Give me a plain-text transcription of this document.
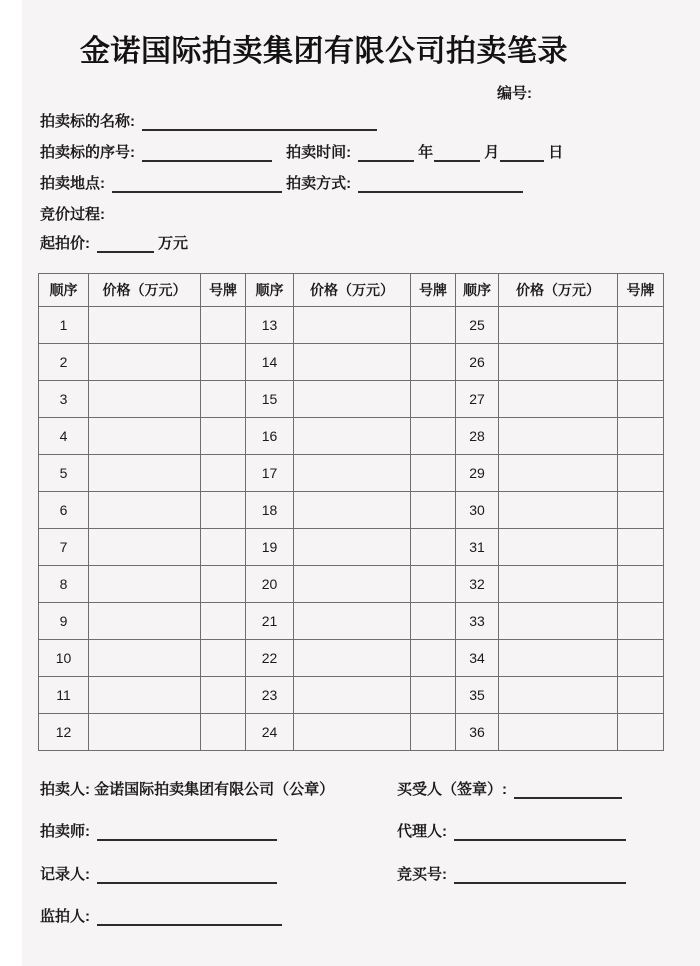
金诺国际拍卖集团有限公司拍卖笔录
编号:
拍卖标的名称:
拍卖标的序号:	拍卖时间:	年	月	日
拍卖地点:	拍卖方式:
竞价过程:
起拍价:	万元
顺序	价格（万元）	号牌	顺序	价格（万元）	号牌	顺序	价格（万元）	号牌
1			13			25		
2			14			26		
3			15			27		
4			16			28		
5			17			29		
6			18			30		
7			19			31		
8			20			32		
9			21			33		
10			22			34		
11			23			35		
12			24			36		
拍卖人: 金诺国际拍卖集团有限公司（公章）	买受人（签章）:
拍卖师:	代理人:
记录人:	竞买号:
监拍人:
